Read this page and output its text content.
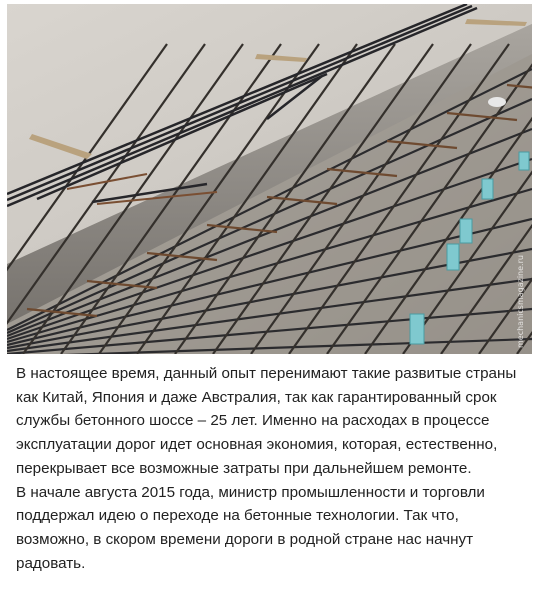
mechanicsmagazine.ru

В настоящее время, данный опыт перенимают такие развитые страны как Китай, Япония и даже Австралия, так как гарантированный срок службы бетонного шоссе – 25 лет. Именно на расходах в процессе эксплуатации дорог идет основная экономия, которая, естественно, перекрывает все возможные затраты при дальнейшем ремонте.

В начале августа 2015 года, министр промышленности и торговли поддержал идею о переходе на бетонные технологии. Так что, возможно, в скором времени дороги в родной стране нас начнут радовать.
